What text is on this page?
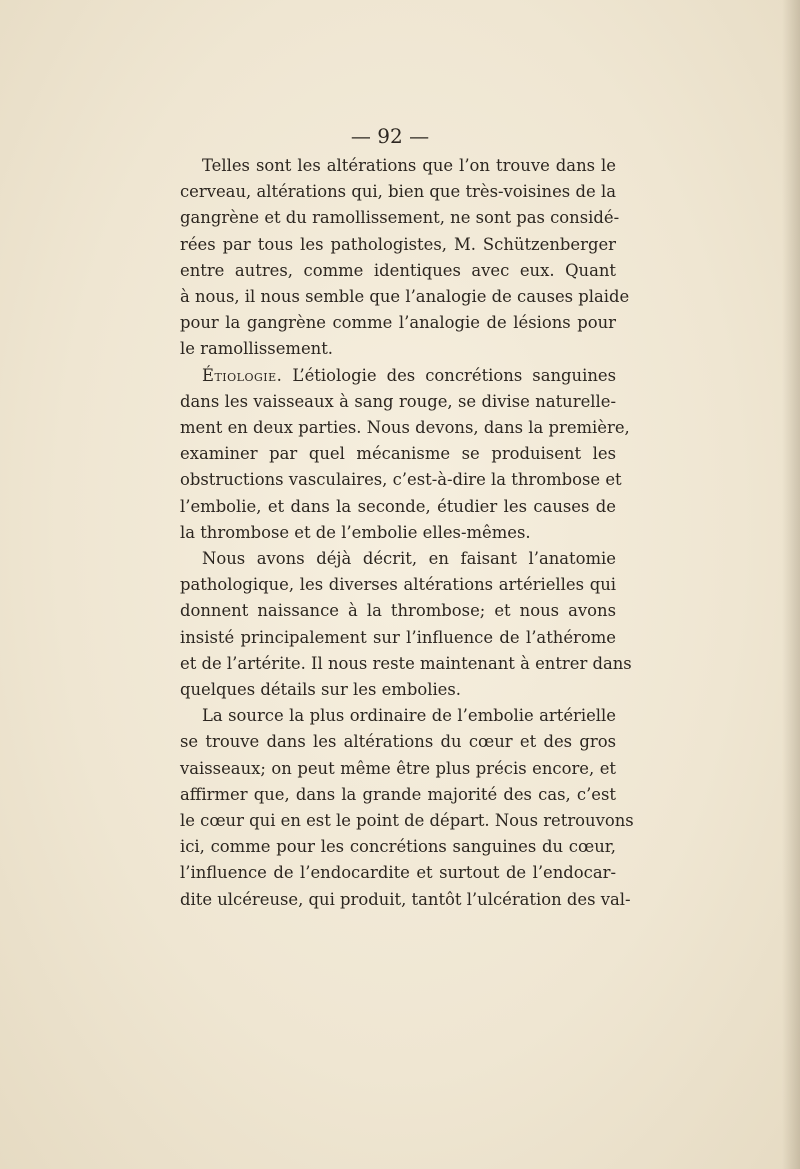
— 92 —
Telles sont les altérations que l’on trouve dans le
cerveau, altérations qui, bien que très-voisines de la
gangrène et du ramollissement, ne sont pas considé-
rées par tous les pathologistes, M. Schützenberger
entre autres, comme identiques avec eux. Quant
à nous, il nous semble que l’analogie de causes plaide
pour la gangrène comme l’analogie de lésions pour
le ramollissement.
Étiologie. L’étiologie des concrétions sanguines
dans les vaisseaux à sang rouge, se divise naturelle-
ment en deux parties. Nous devons, dans la première,
examiner par quel mécanisme se produisent les
obstructions vasculaires, c’est-à-dire la thrombose et
l’embolie, et dans la seconde, étudier les causes de
la thrombose et de l’embolie elles-mêmes.
Nous avons déjà décrit, en faisant l’anatomie
pathologique, les diverses altérations artérielles qui
donnent naissance à la thrombose; et nous avons
insisté principalement sur l’influence de l’athérome
et de l’artérite. Il nous reste maintenant à entrer dans
quelques détails sur les embolies.
La source la plus ordinaire de l’embolie artérielle
se trouve dans les altérations du cœur et des gros
vaisseaux; on peut même être plus précis encore, et
affirmer que, dans la grande majorité des cas, c’est
le cœur qui en est le point de départ. Nous retrouvons
ici, comme pour les concrétions sanguines du cœur,
l’influence de l’endocardite et surtout de l’endocar-
dite ulcéreuse, qui produit, tantôt l’ulcération des val-
